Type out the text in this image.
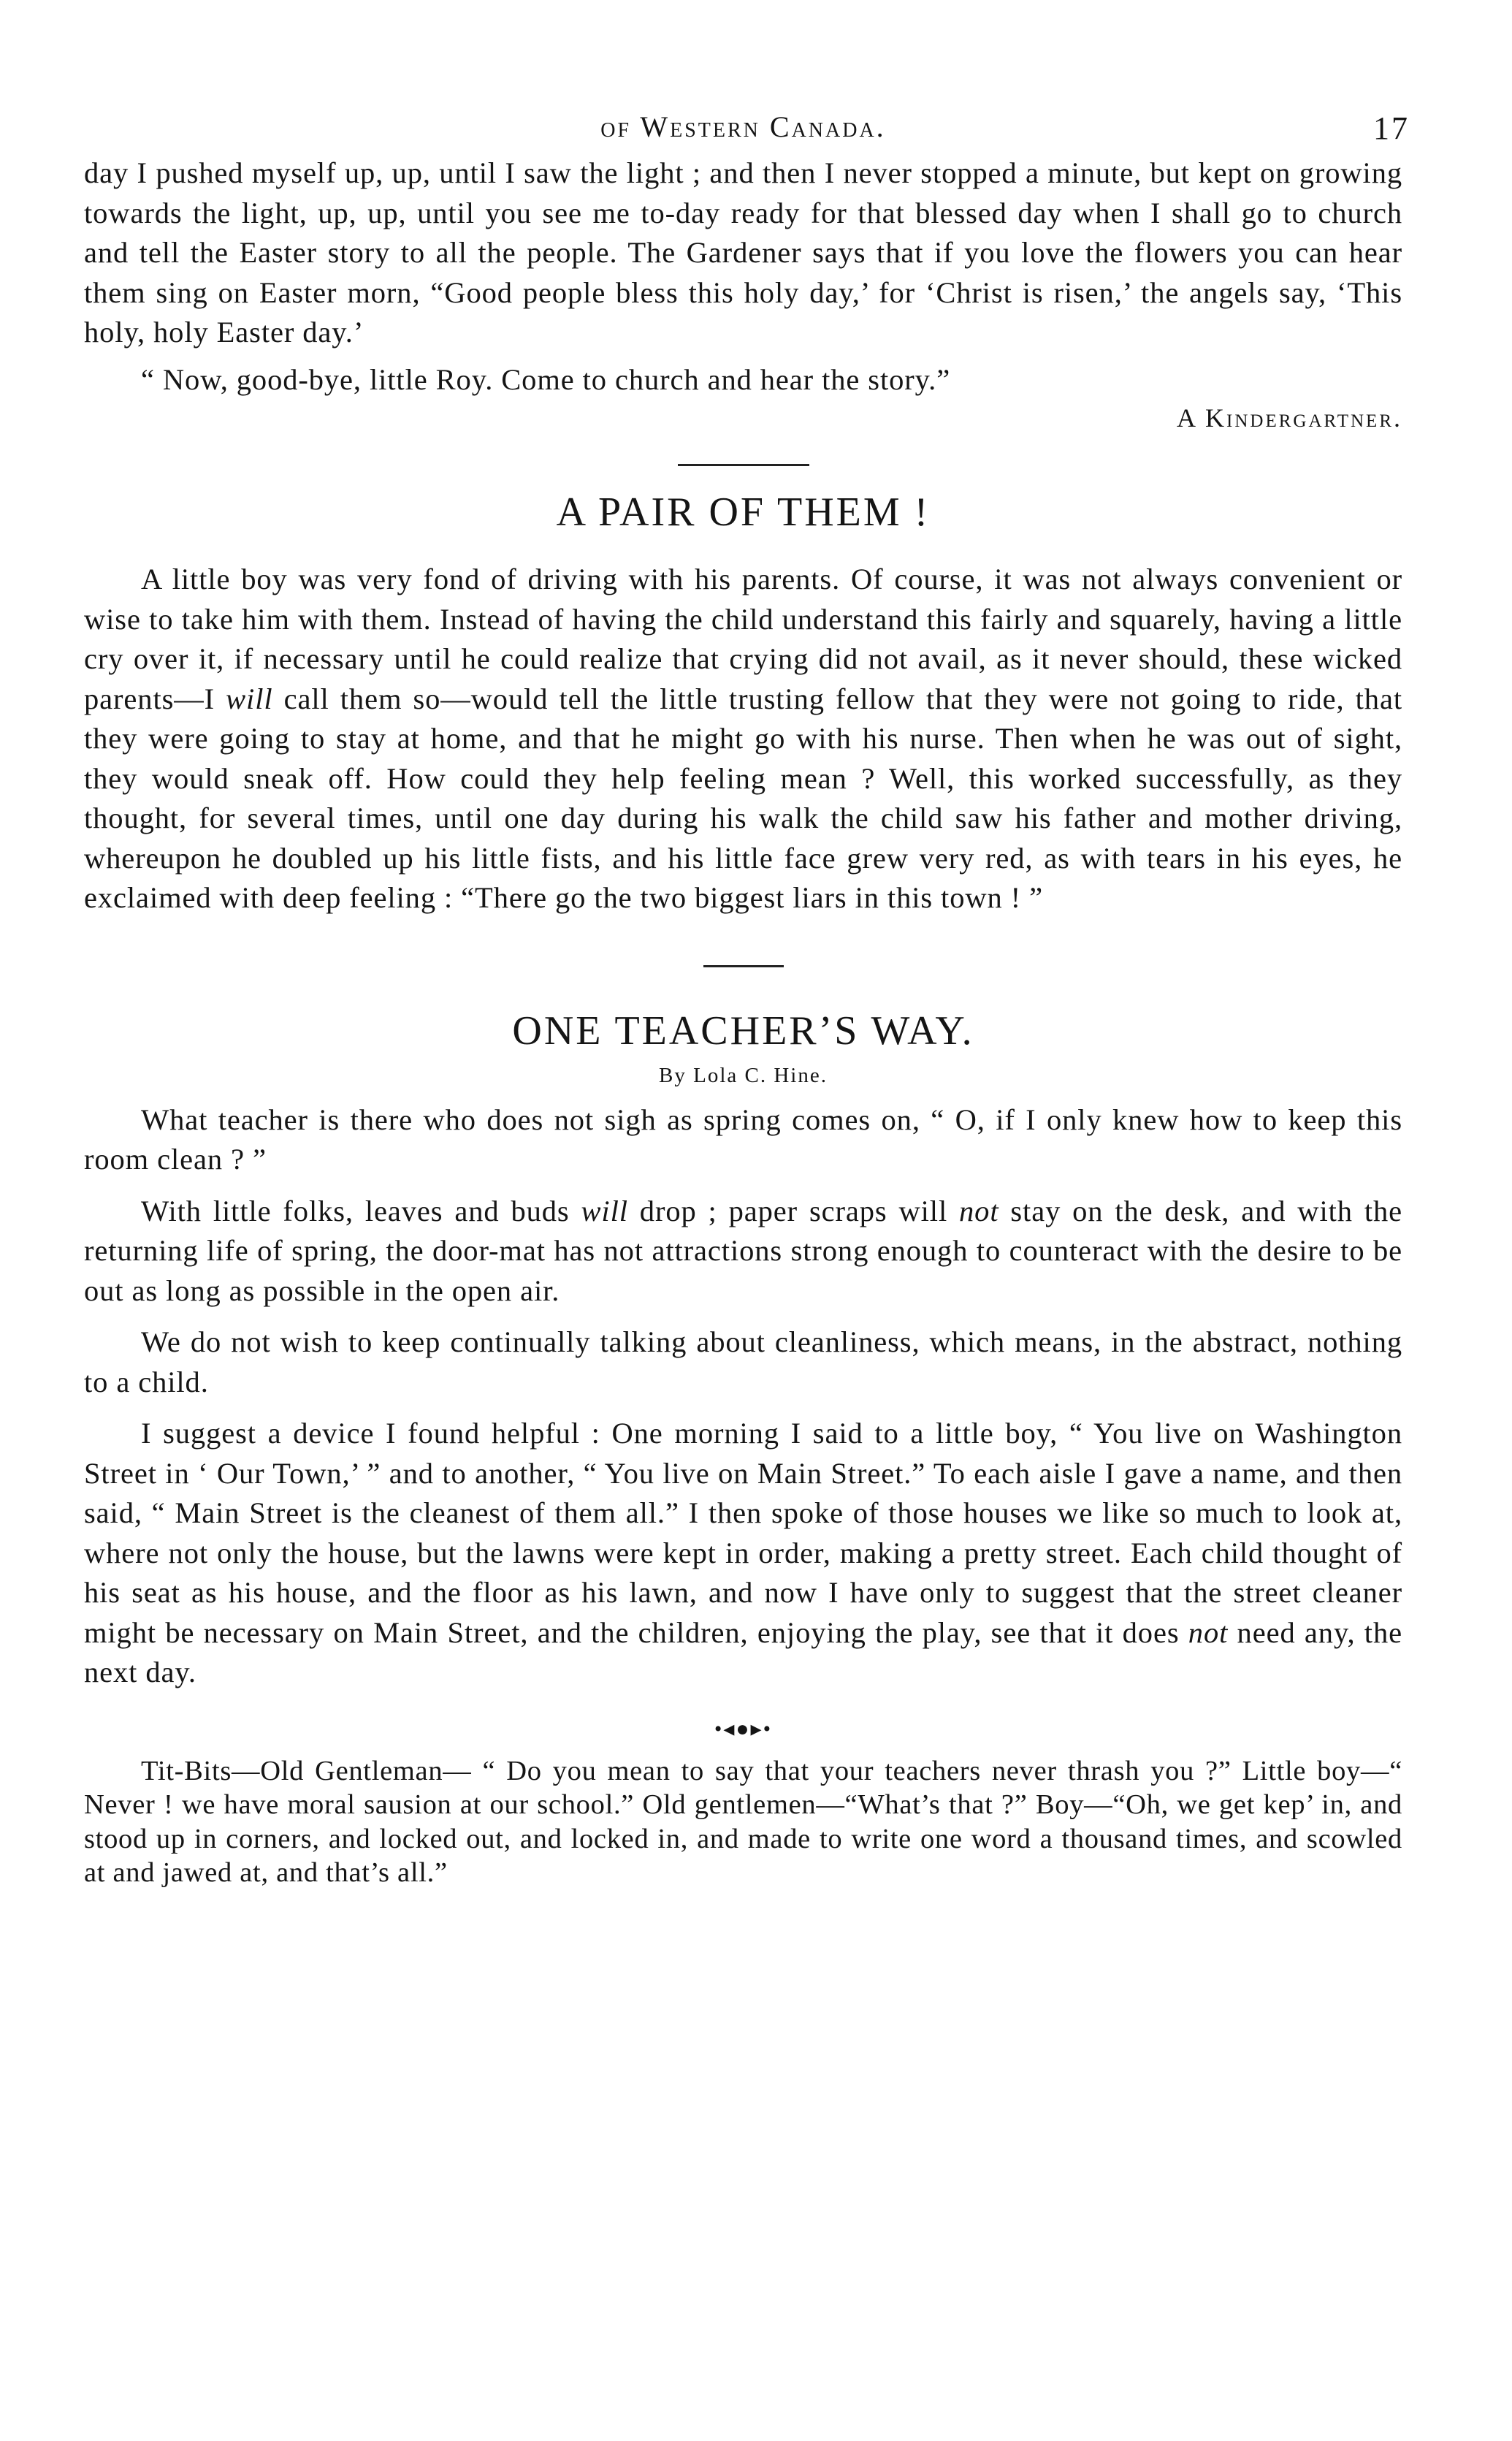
of Western Canada.	17

day I pushed myself up, up, until I saw the light ; and then I never stopped a minute, but kept on growing towards the light, up, up, until you see me to-day ready for that blessed day when I shall go to church and tell the Easter story to all the people. The Gardener says that if you love the flowers you can hear them sing on Easter morn, “Good people bless this holy day,’ for ‘Christ is risen,’ the angels say, ‘This holy, holy Easter day.’

“ Now, good-bye, little Roy. Come to church and hear the story.”

A Kindergartner.
A PAIR OF THEM !

A little boy was very fond of driving with his parents. Of course, it was not always convenient or wise to take him with them. Instead of having the child understand this fairly and squarely, having a little cry over it, if necessary until he could realize that crying did not avail, as it never should, these wicked parents—I will call them so—would tell the little trusting fellow that they were not going to ride, that they were going to stay at home, and that he might go with his nurse. Then when he was out of sight, they would sneak off. How could they help feeling mean ? Well, this worked successfully, as they thought, for several times, until one day during his walk the child saw his father and mother driving, whereupon he doubled up his little fists, and his little face grew very red, as with tears in his eyes, he exclaimed with deep feeling : “There go the two biggest liars in this town ! ”

ONE TEACHER’S WAY.
By Lola C. Hine.

What teacher is there who does not sigh as spring comes on, “ O, if I only knew how to keep this room clean ? ”

With little folks, leaves and buds will drop ; paper scraps will not stay on the desk, and with the returning life of spring, the door-mat has not attractions strong enough to counteract with the desire to be out as long as possible in the open air.

We do not wish to keep continually talking about cleanliness, which means, in the abstract, nothing to a child.

I suggest a device I found helpful : One morning I said to a little boy, “ You live on Washington Street in ‘ Our Town,’ ” and to another, “ You live on Main Street.” To each aisle I gave a name, and then said, “ Main Street is the cleanest of them all.” I then spoke of those houses we like so much to look at, where not only the house, but the lawns were kept in order, making a pretty street. Each child thought of his seat as his house, and the floor as his lawn, and now I have only to suggest that the street cleaner might be necessary on Main Street, and the children, enjoying the play, see that it does not need any, the next day.

•◂●▸•

Tit-Bits—Old Gentleman— “ Do you mean to say that your teachers never thrash you ?” Little boy—“ Never ! we have moral sausion at our school.” Old gentlemen—“What’s that ?” Boy—“Oh, we get kep’ in, and stood up in corners, and locked out, and locked in, and made to write one word a thousand times, and scowled at and jawed at, and that’s all.”
